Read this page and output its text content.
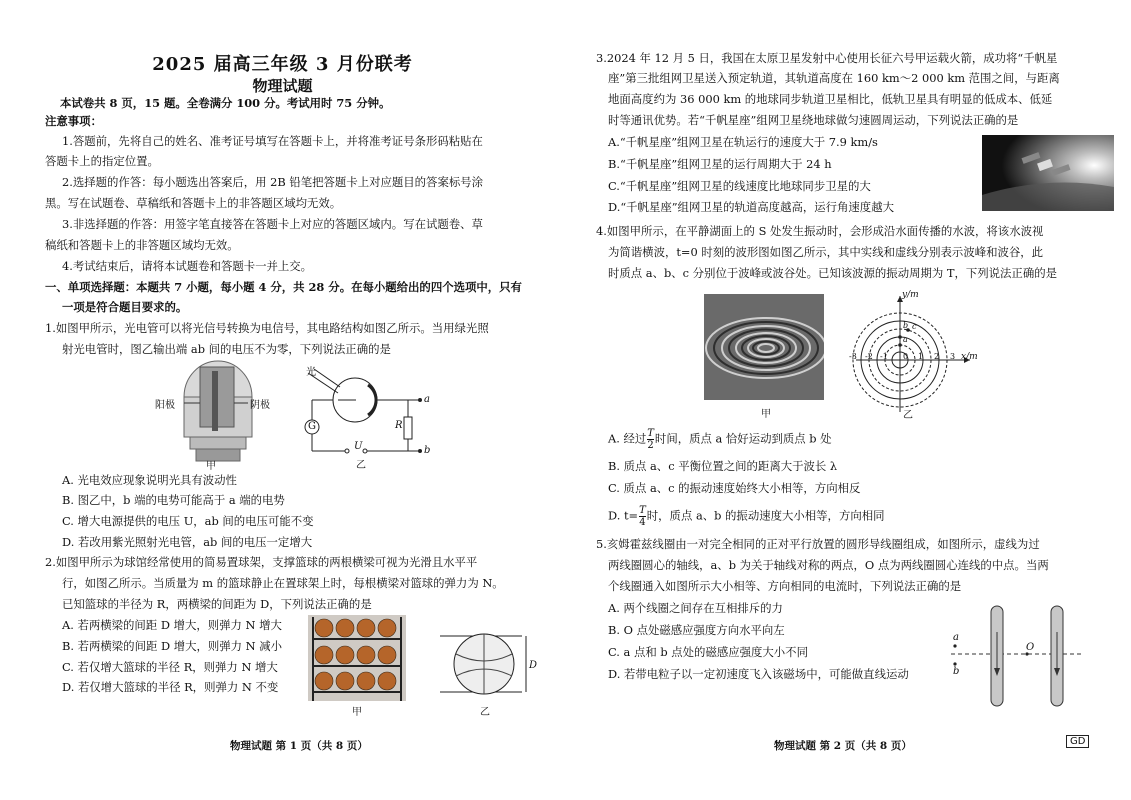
2025 届高三年级 3 月份联考
物理试题
本试卷共 8 页，15 题。全卷满分 100 分。考试用时 75 分钟。
注意事项：
1.答题前，先将自己的姓名、准考证号填写在答题卡上，并将准考证号条形码粘贴在
答题卡上的指定位置。
2.选择题的作答：每小题选出答案后，用 2B 铅笔把答题卡上对应题目的答案标号涂
黑。写在试题卷、草稿纸和答题卡上的非答题区域均无效。
3.非选择题的作答：用签字笔直接答在答题卡上对应的答题区域内。写在试题卷、草
稿纸和答题卡上的非答题区域均无效。
4.考试结束后，请将本试题卷和答题卡一并上交。
一、单项选择题：本题共 7 小题，每小题 4 分，共 28 分。在每小题给出的四个选项中，只有
一项是符合题目要求的。
1.如图甲所示，光电管可以将光信号转换为电信号，其电路结构如图乙所示。当用绿光照
射光电管时，图乙输出端 ab 间的电压不为零，下列说法正确的是
阳极	阴极
甲
光
a
b
G	R
U
乙
A. 光电效应现象说明光具有波动性
B. 图乙中，b 端的电势可能高于 a 端的电势
C. 增大电源提供的电压 U，ab 间的电压可能不变
D. 若改用紫光照射光电管，ab 间的电压一定增大
2.如图甲所示为球馆经常使用的简易置球架，支撑篮球的两根横梁可视为光滑且水平平
行，如图乙所示。当质量为 m 的篮球静止在置球架上时，每根横梁对篮球的弹力为 N。
已知篮球的半径为 R，两横梁的间距为 D，下列说法正确的是
A. 若两横梁的间距 D 增大，则弹力 N 增大
B. 若两横梁的间距 D 增大，则弹力 N 减小
C. 若仅增大篮球的半径 R，则弹力 N 增大
D. 若仅增大篮球的半径 R，则弹力 N 不变
甲
D
乙
物理试题 第 1 页（共 8 页）
3.2024 年 12 月 5 日，我国在太原卫星发射中心使用长征六号甲运载火箭，成功将“千帆星
座”第三批组网卫星送入预定轨道，其轨道高度在 160 km～2 000 km 范围之间，与距离
地面高度约为 36 000 km 的地球同步轨道卫星相比，低轨卫星具有明显的低成本、低延
时等通讯优势。若“千帆星座”组网卫星绕地球做匀速圆周运动，下列说法正确的是
A.“千帆星座”组网卫星在轨运行的速度大于 7.9 km/s
B.“千帆星座”组网卫星的运行周期大于 24 h
C.“千帆星座”组网卫星的线速度比地球同步卫星的大
D.“千帆星座”组网卫星的轨道高度越高，运行角速度越大
4.如图甲所示，在平静湖面上的 S 处发生振动时，会形成沿水面传播的水波，将该水波视
为简谐横波，t=0 时刻的波形图如图乙所示，其中实线和虚线分别表示波峰和波谷，此
时质点 a、b、c 分别位于波峰或波谷处。已知该波源的振动周期为 T，下列说法正确的是
甲
y/m
x/m
-3 -2 -1 0 1 2 3
a
b c
乙
A. 经过 $\frac{T}{2}$ 时间，质点 a 恰好运动到质点 b 处
B. 质点 a、c 平衡位置之间的距离大于波长 λ
C. 质点 a、c 的振动速度始终大小相等，方向相反
D. $t= \frac{T}{4}$ 时，质点 a、b 的振动速度大小相等，方向相同
5.亥姆霍兹线圈由一对完全相同的正对平行放置的圆形导线圈组成，如图所示，虚线为过
两线圈圆心的轴线，a、b 为关于轴线对称的两点，O 点为两线圈圆心连线的中点。当两
个线圈通入如图所示大小相等、方向相同的电流时，下列说法正确的是
A. 两个线圈之间存在互相排斥的力
B. O 点处磁感应强度方向水平向左
C. a 点和 b 点处的磁感应强度大小不同
D. 若带电粒子以一定初速度飞入该磁场中，可能做直线运动
a
b
O
物理试题 第 2 页（共 8 页）	GD
